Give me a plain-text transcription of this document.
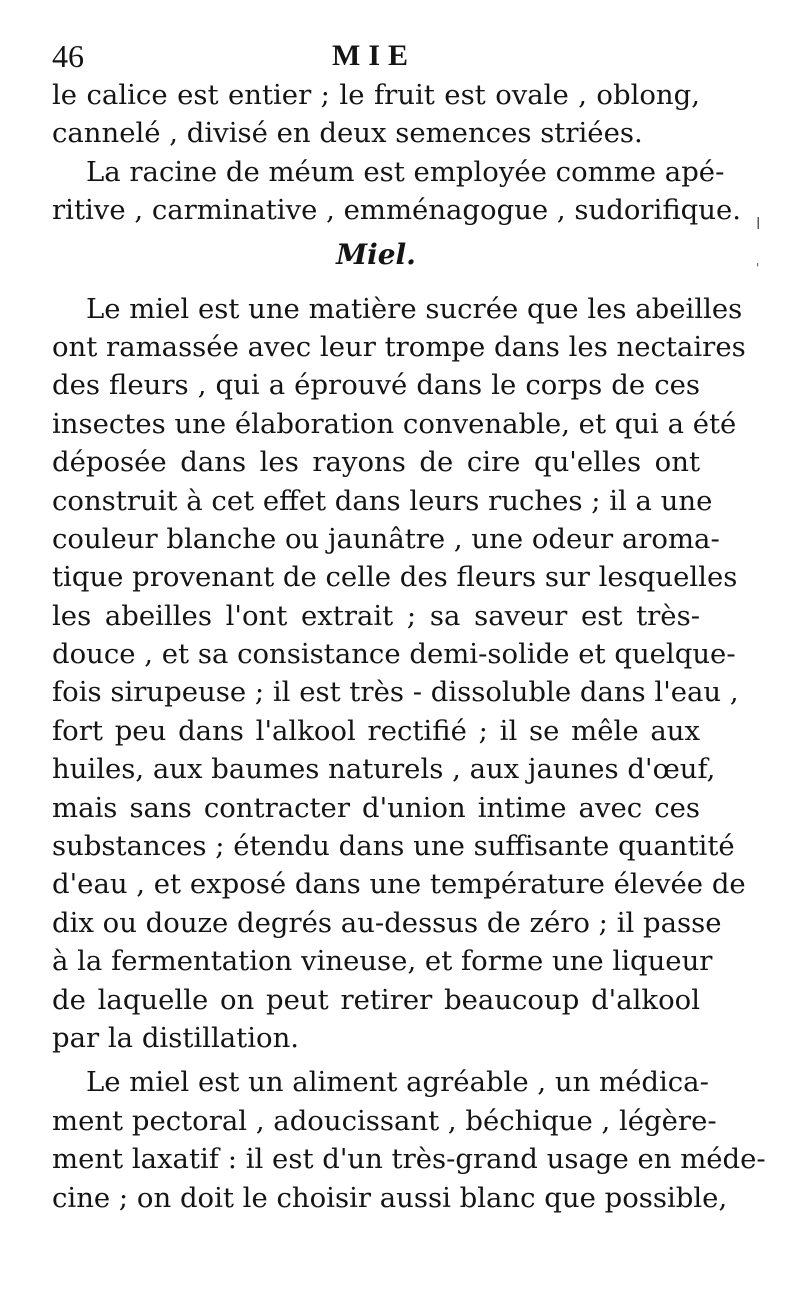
46	MIE
le calice est entier ; le fruit est ovale , oblong,
cannelé , divisé en deux semences striées.
La racine de méum est employée comme apé-
ritive , carminative , emménagogue , sudorifique.
Miel.
Le miel est une matière sucrée que les abeilles
ont ramassée avec leur trompe dans les nectaires
des fleurs , qui a éprouvé dans le corps de ces
insectes une élaboration convenable, et qui a été
déposée dans les rayons de cire qu'elles ont
construit à cet effet dans leurs ruches ; il a une
couleur blanche ou jaunâtre , une odeur aroma-
tique provenant de celle des fleurs sur lesquelles
les abeilles l'ont extrait ; sa saveur est très-
douce , et sa consistance demi-solide et quelque-
fois sirupeuse ; il est très - dissoluble dans l'eau ,
fort peu dans l'alkool rectifié ; il se mêle aux
huiles, aux baumes naturels , aux jaunes d'œuf,
mais sans contracter d'union intime avec ces
substances ; étendu dans une suffisante quantité
d'eau , et exposé dans une température élevée de
dix ou douze degrés au-dessus de zéro ; il passe
à la fermentation vineuse, et forme une liqueur
de laquelle on peut retirer beaucoup d'alkool
par la distillation.
Le miel est un aliment agréable , un médica-
ment pectoral , adoucissant , béchique , légère-
ment laxatif : il est d'un très-grand usage en méde-
cine ; on doit le choisir aussi blanc que possible,
l
'
